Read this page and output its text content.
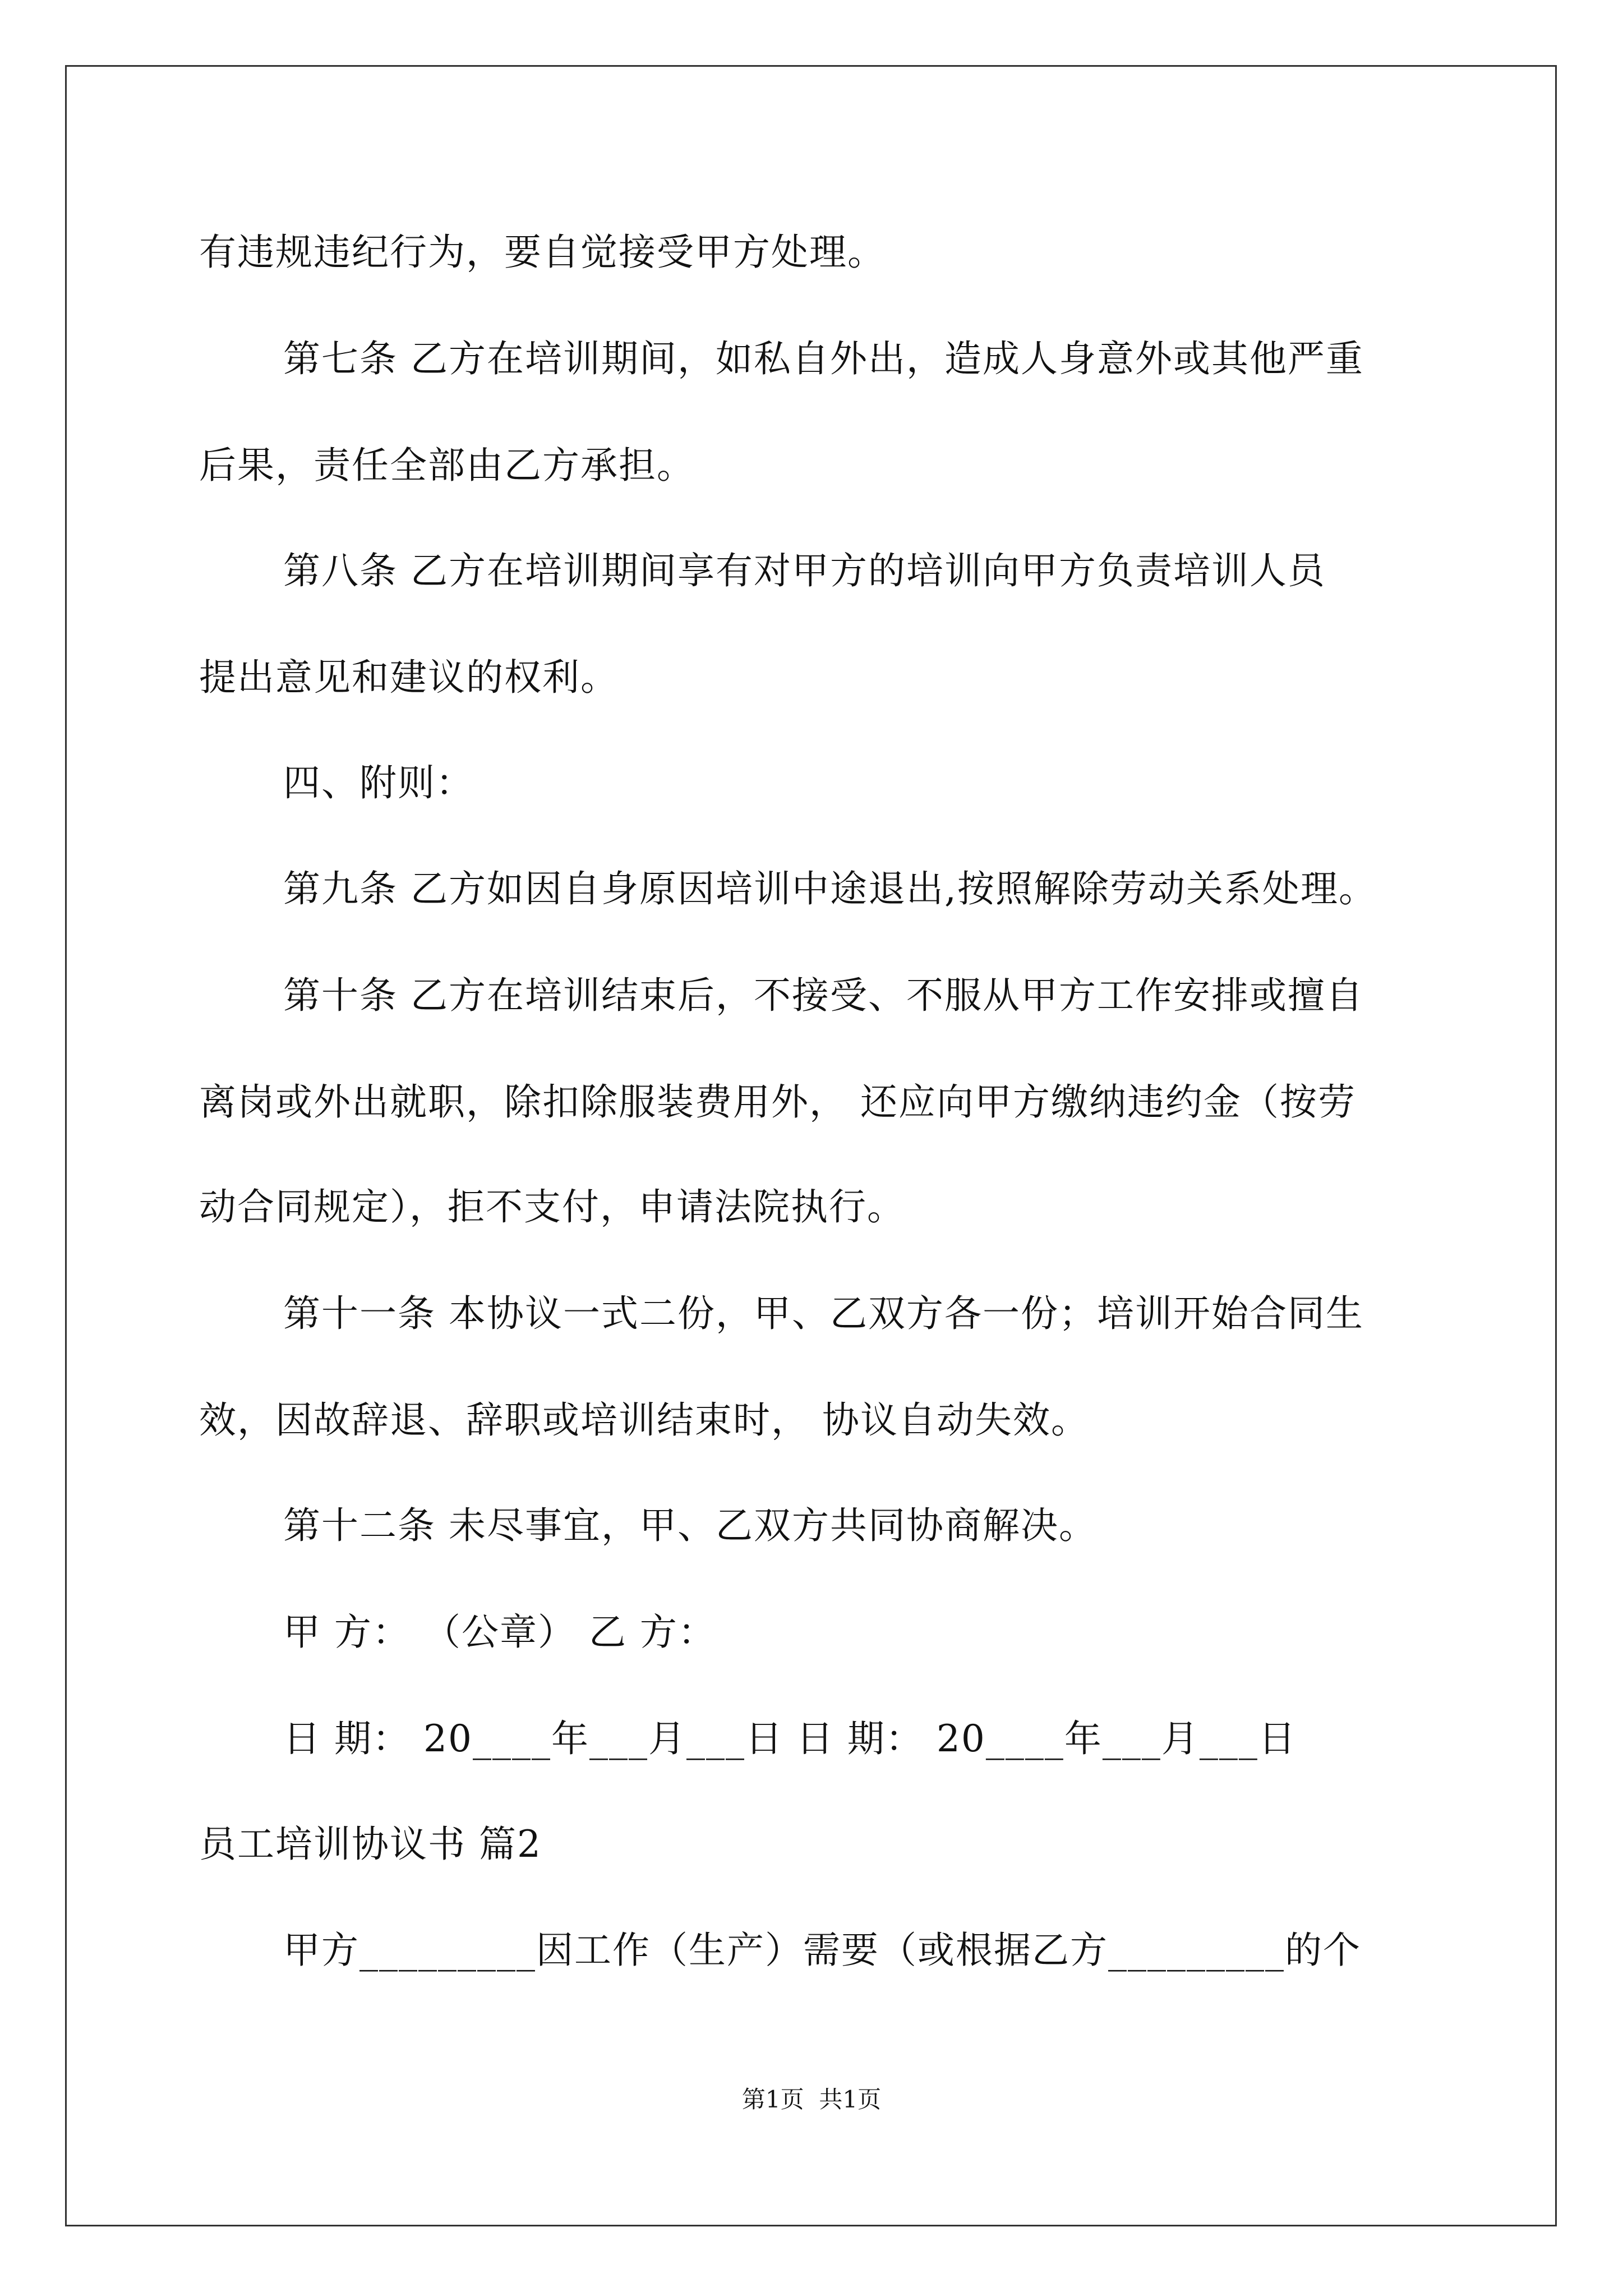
有违规违纪行为，要自觉接受甲方处理。
第七条 乙方在培训期间，如私自外出，造成人身意外或其他严重
后果，责任全部由乙方承担。
第八条 乙方在培训期间享有对甲方的培训向甲方负责培训人员
提出意见和建议的权利。
四、附则：
第九条 乙方如因自身原因培训中途退出,按照解除劳动关系处理。
第十条 乙方在培训结束后，不接受、不服从甲方工作安排或擅自
离岗或外出就职，除扣除服装费用外， 还应向甲方缴纳违约金（按劳
动合同规定），拒不支付，申请法院执行。
第十一条 本协议一式二份，甲、乙双方各一份；培训开始合同生
效，因故辞退、辞职或培训结束时， 协议自动失效。
第十二条 未尽事宜，甲、乙双方共同协商解决。
甲 方： （公章） 乙 方：
日 期： 20____年___月___日 日 期： 20____年___月___日
员工培训协议书 篇2
甲方_________因工作（生产）需要（或根据乙方_________的个
第1页  共1页
